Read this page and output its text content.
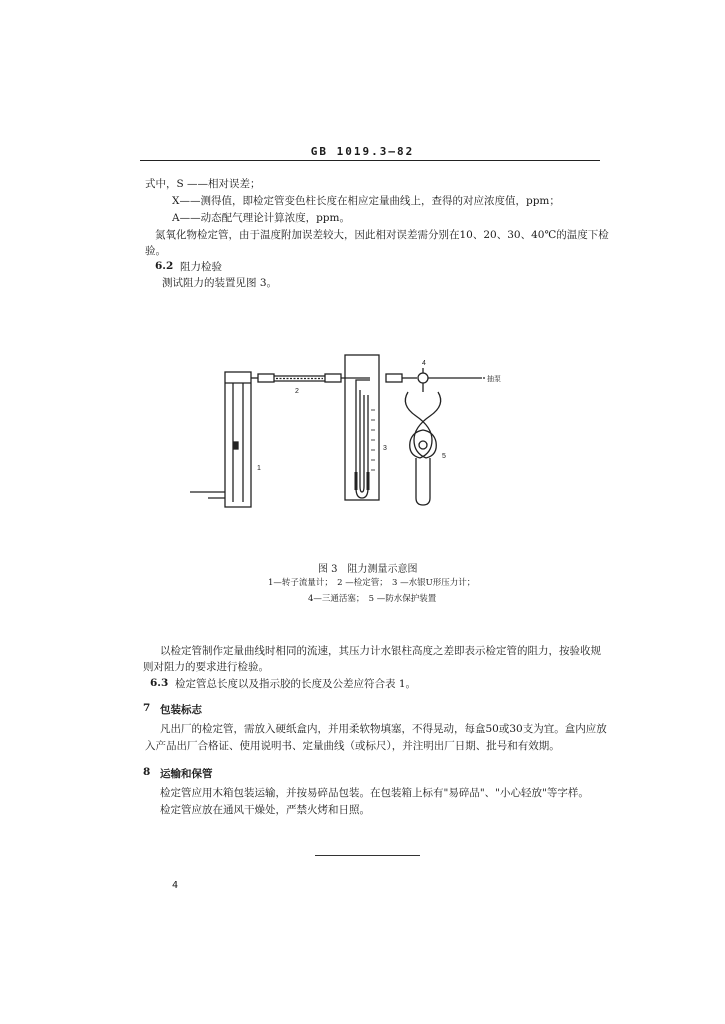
GB 1019.3—82
式中，S ——相对误差；
X——测得值，即检定管变色柱长度在相应定量曲线上，查得的对应浓度值，ppm；
A——动态配气理论计算浓度，ppm。
氮氧化物检定管，由于温度附加误差较大，因此相对误差需分别在10、20、30、40℃的温度下检
验。
6.2 阻力检验
测试阻力的装置见图 3。
1
2
3
4
5
抽泵
图 3　阻力测量示意图
1—转子流量计；　2 —检定管；　3 —水银U形压力计；
4—三通活塞；　5 —防水保护装置
以检定管制作定量曲线时相同的流速，其压力计水银柱高度之差即表示检定管的阻力，按验收规
则对阻力的要求进行检验。
6.3 检定管总长度以及指示胶的长度及公差应符合表 1。
7 包装标志
凡出厂的检定管，需放入硬纸盒内，并用柔软物填塞，不得晃动，每盒50或30支为宜。盒内应放
入产品出厂合格证、使用说明书、定量曲线（或标尺），并注明出厂日期、批号和有效期。
8 运输和保管
检定管应用木箱包装运输，并按易碎品包装。在包装箱上标有"易碎品"、"小心轻放"等字样。
检定管应放在通风干燥处，严禁火烤和日照。
4
